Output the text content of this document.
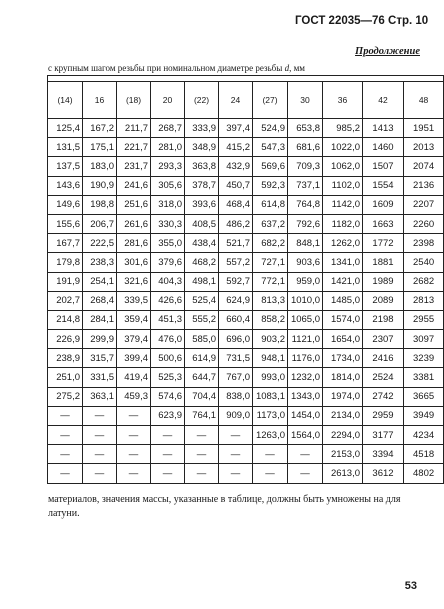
ГОСТ 22035—76 Стр. 10
Продолжение
с крупным шагом резьбы при номинальном диаметре резьбы d, мм

(14)	16	(18)	20	(22)	24	(27)	30	36	42	48
125,4	167,2	211,7	268,7	333,9	397,4	524,9	653,8	985,2	1413	1951
131,5	175,1	221,7	281,0	348,9	415,2	547,3	681,6	1022,0	1460	2013
137,5	183,0	231,7	293,3	363,8	432,9	569,6	709,3	1062,0	1507	2074
143,6	190,9	241,6	305,6	378,7	450,7	592,3	737,1	1102,0	1554	2136
149,6	198,8	251,6	318,0	393,6	468,4	614,8	764,8	1142,0	1609	2207
155,6	206,7	261,6	330,3	408,5	486,2	637,2	792,6	1182,0	1663	2260
167,7	222,5	281,6	355,0	438,4	521,7	682,2	848,1	1262,0	1772	2398
179,8	238,3	301,6	379,6	468,2	557,2	727,1	903,6	1341,0	1881	2540
191,9	254,1	321,6	404,3	498,1	592,7	772,1	959,0	1421,0	1989	2682
202,7	268,4	339,5	426,6	525,4	624,9	813,3	1010,0	1485,0	2089	2813
214,8	284,1	359,4	451,3	555,2	660,4	858,2	1065,0	1574,0	2198	2955
226,9	299,9	379,4	476,0	585,0	696,0	903,2	1121,0	1654,0	2307	3097
238,9	315,7	399,4	500,6	614,9	731,5	948,1	1176,0	1734,0	2416	3239
251,0	331,5	419,4	525,3	644,7	767,0	993,0	1232,0	1814,0	2524	3381
275,2	363,1	459,3	574,6	704,4	838,0	1083,1	1343,0	1974,0	2742	3665
—	—	—	623,9	764,1	909,0	1173,0	1454,0	2134,0	2959	3949
—	—	—	—	—	—	1263,0	1564,0	2294,0	3177	4234
—	—	—	—	—	—	—	—	2153,0	3394	4518
—	—	—	—	—	—	—	—	2613,0	3612	4802
материалов, значения массы, указанные в таблице, должны быть умножены на для латуни.
53
